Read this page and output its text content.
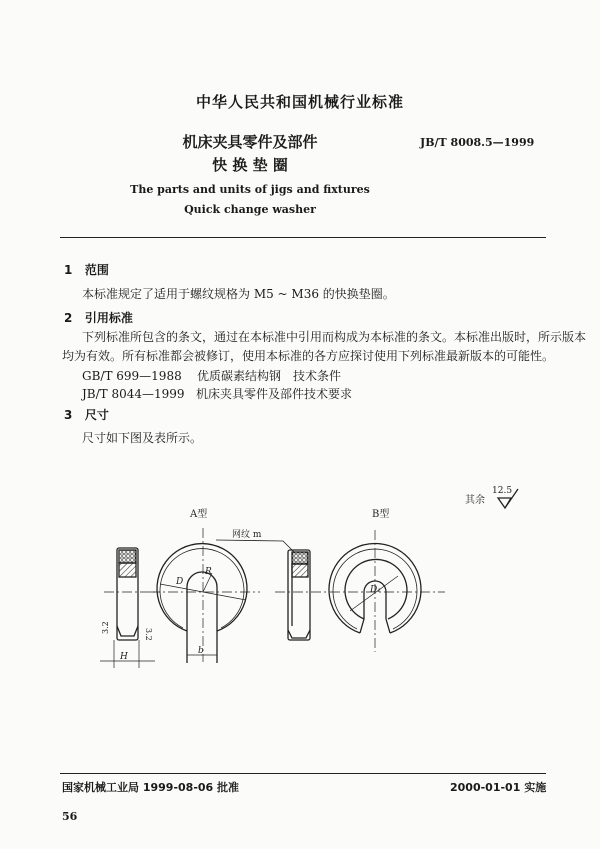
中华人民共和国机械行业标准
机床夹具零件及部件
快 换 垫 圈
JB/T 8008.5—1999
The parts and units of jigs and fixtures
Quick change washer
1 范围
本标准规定了适用于螺纹规格为 M5 ~ M36 的快换垫圈。
2 引用标准
下列标准所包含的条文，通过在本标准中引用而构成为本标准的条文。本标准出版时，所示版本
均为有效。所有标准都会被修订，使用本标准的各方应探讨使用下列标准最新版本的可能性。
GB/T 699—1988 优质碳素结构钢　技术条件
JB/T 8044—1999 机床夹具零件及部件技术要求
3 尺寸
尺寸如下图及表所示。
其余
12.5
A型	B型
网纹 m
H
3.2
3.2
R
D
b
D₁
国家机械工业局 1999-08-06 批准	2000-01-01 实施
56
